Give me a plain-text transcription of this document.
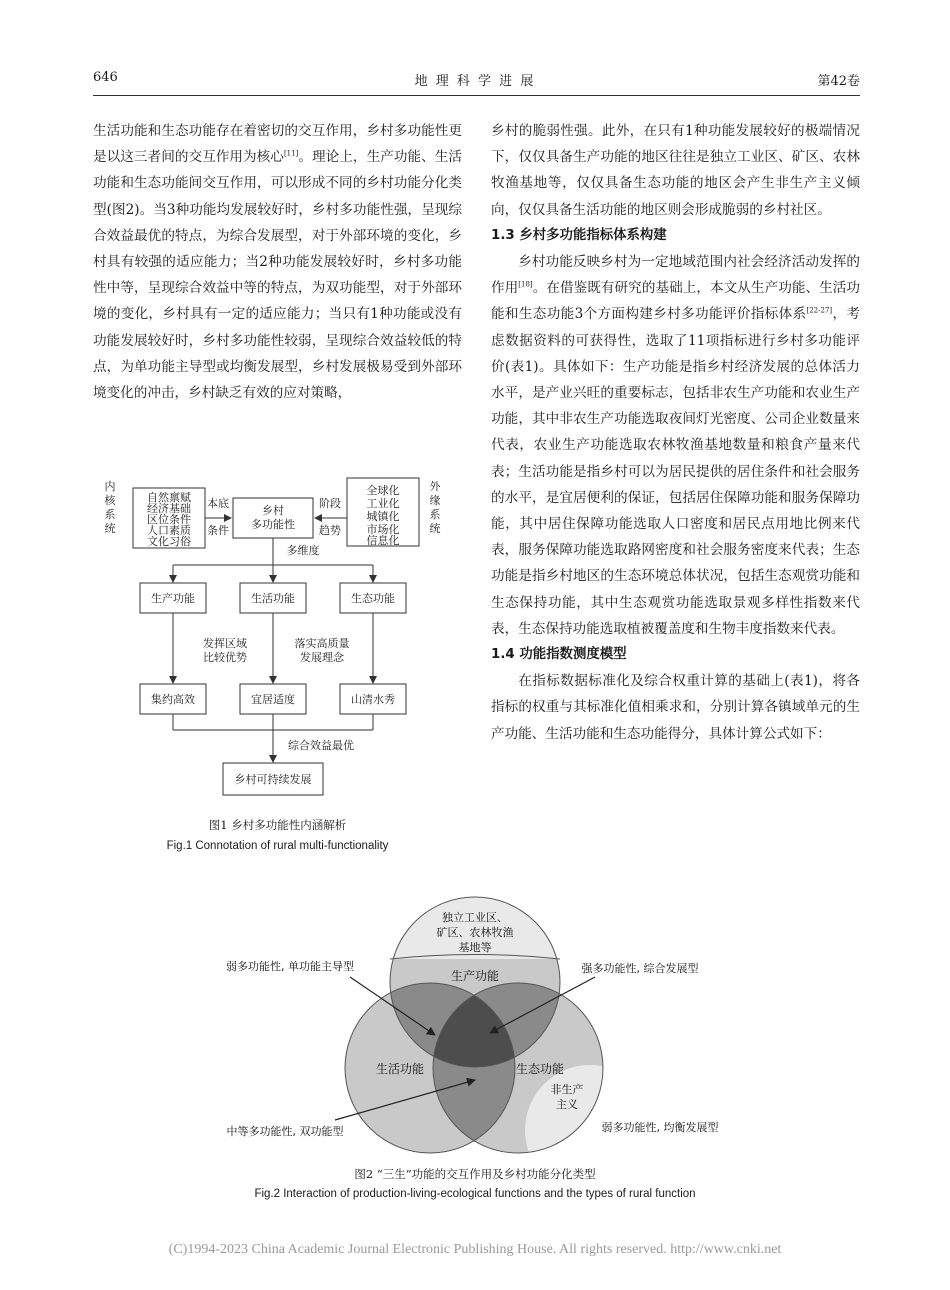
646	地 理 科 学 进 展	第42卷

生活功能和生态功能存在着密切的交互作用，乡村多功能性更是以这三者间的交互作用为核心[11]。理论上，生产功能、生活功能和生态功能间交互作用，可以形成不同的乡村功能分化类型(图2)。当3种功能均发展较好时，乡村多功能性强，呈现综合效益最优的特点，为综合发展型，对于外部环境的变化，乡村具有较强的适应能力；当2种功能发展较好时，乡村多功能性中等，呈现综合效益中等的特点，为双功能型，对于外部环境的变化，乡村具有一定的适应能力；当只有1种功能或没有功能发展较好时，乡村多功能性较弱，呈现综合效益较低的特点，为单功能主导型或均衡发展型，乡村发展极易受到外部环境变化的冲击，乡村缺乏有效的应对策略，

乡村的脆弱性强。此外，在只有1种功能发展较好的极端情况下，仅仅具备生产功能的地区往往是独立工业区、矿区、农林牧渔基地等，仅仅具备生态功能的地区会产生非生产主义倾向，仅仅具备生活功能的地区则会形成脆弱的乡村社区。

1.3 乡村多功能指标体系构建

乡村功能反映乡村为一定地域范围内社会经济活动发挥的作用[18]。在借鉴既有研究的基础上，本文从生产功能、生活功能和生态功能3个方面构建乡村多功能评价指标体系[22-27]，考虑数据资料的可获得性，选取了11项指标进行乡村多功能评价(表1)。具体如下：生产功能是指乡村经济发展的总体活力水平，是产业兴旺的重要标志，包括非农生产功能和农业生产功能，其中非农生产功能选取夜间灯光密度、公司企业数量来代表，农业生产功能选取农林牧渔基地数量和粮食产量来代表；生活功能是指乡村可以为居民提供的居住条件和社会服务的水平，是宜居便利的保证，包括居住保障功能和服务保障功能，其中居住保障功能选取人口密度和居民点用地比例来代表，服务保障功能选取路网密度和社会服务密度来代表；生态功能是指乡村地区的生态环境总体状况，包括生态观赏功能和生态保持功能，其中生态观赏功能选取景观多样性指数来代表，生态保持功能选取植被覆盖度和生物丰度指数来代表。

1.4 功能指数测度模型

在指标数据标准化及综合权重计算的基础上(表1)，将各指标的权重与其标准化值相乘求和，分别计算各镇域单元的生产功能、生活功能和生态功能得分，具体计算公式如下：

内
核
系
统
自然禀赋
经济基础
区位条件
人口素质
文化习俗
本底
条件
乡村
多功能性
阶段
趋势
全球化
工业化
城镇化
市场化
信息化
外
缘
系
统
多维度
生产功能	生活功能	生态功能
发挥区域
比较优势
落实高质量
发展理念
集约高效	宜居适度	山清水秀
综合效益最优
乡村可持续发展
图1 乡村多功能性内涵解析
Fig.1 Connotation of rural multi-functionality
独立工业区、
矿区、农林牧渔
基地等
生产功能
生活功能	生态功能
非生产
主义
弱多功能性, 单功能主导型	强多功能性, 综合发展型
中等多功能性, 双功能型	弱多功能性, 均衡发展型
图2 “三生”功能的交互作用及乡村功能分化类型
Fig.2 Interaction of production-living-ecological functions and the types of rural function
(C)1994-2023 China Academic Journal Electronic Publishing House. All rights reserved. http://www.cnki.net
